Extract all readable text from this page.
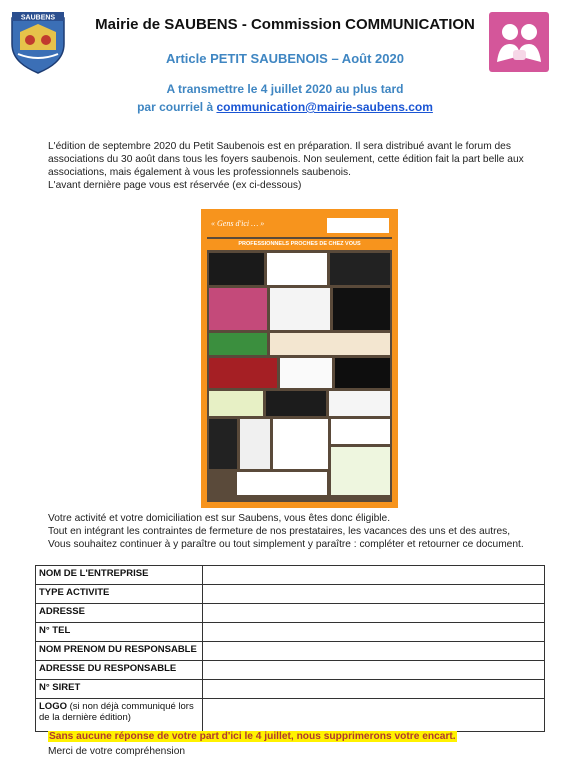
SAUBENS	Mairie de SAUBENS - Commission COMMUNICATION
Article PETIT SAUBENOIS – Août 2020
A transmettre le 4 juillet 2020 au plus tard
par courriel à communication@mairie-saubens.com
L'édition de septembre 2020 du Petit Saubenois est en préparation. Il sera distribué avant le forum des associations du 30 août dans tous les foyers saubenois. Non seulement, cette édition fait la part belle aux associations, mais également à vous les professionnels saubenois.
L'avant dernière page vous est réservée (ex ci-dessous)
« Gens d'ici … »
PROFESSIONNELS PROCHES DE CHEZ VOUS
Votre activité et votre domiciliation est sur Saubens, vous êtes donc éligible.
Tout en intégrant les contraintes de fermeture de nos prestataires, les vacances des uns et des autres,
Vous souhaitez continuer à y paraître ou tout simplement y paraître : compléter et retourner ce document.
NOM DE L'ENTREPRISE	
TYPE ACTIVITE	
ADRESSE	
N° TEL	
NOM PRENOM DU RESPONSABLE	
ADRESSE DU RESPONSABLE	
N° SIRET	
LOGO (si non déjà communiqué lors de la dernière édition)	
Sans aucune réponse de votre part d'ici le 4 juillet, nous supprimerons votre encart.
Merci de votre compréhension
